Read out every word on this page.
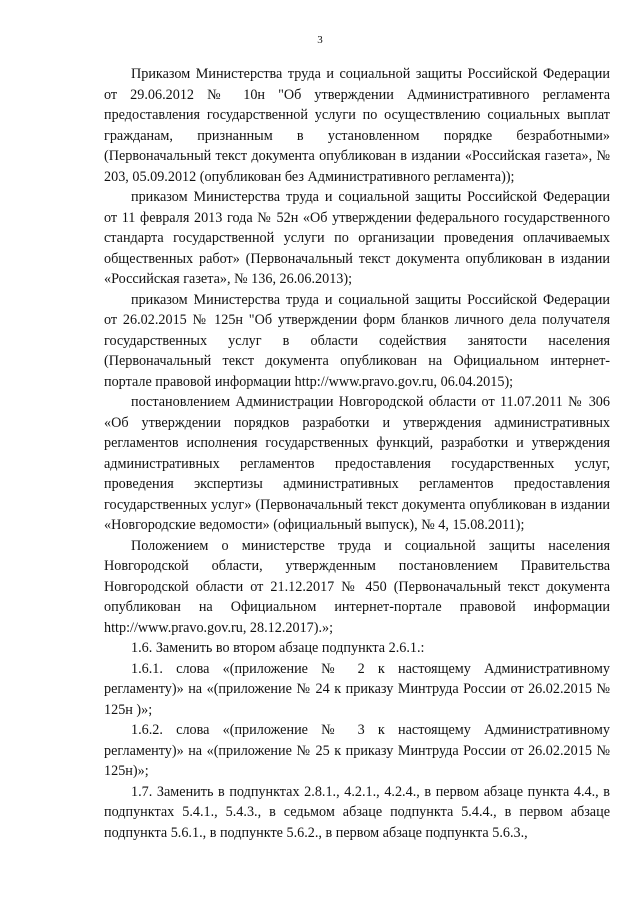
3

Приказом Министерства труда и социальной защиты Российской Федерации от 29.06.2012 № 10н "Об утверждении Административного регламента предоставления государственной услуги по осуществлению социальных выплат гражданам, признанным в установленном порядке безработными» (Первоначальный текст документа опубликован в издании «Российская газета», № 203, 05.09.2012 (опубликован без Административного регламента));

приказом Министерства труда и социальной защиты Российской Федерации от 11 февраля 2013 года № 52н «Об утверждении федерального государственного стандарта государственной услуги по организации проведения оплачиваемых общественных работ» (Первоначальный текст документа опубликован в издании «Российская газета», № 136, 26.06.2013);

приказом Министерства труда и социальной защиты Российской Федерации от 26.02.2015 № 125н "Об утверждении форм бланков личного дела получателя государственных услуг в области содействия занятости населения (Первоначальный текст документа опубликован на Официальном интернет-портале правовой информации http://www.pravo.gov.ru, 06.04.2015);

постановлением Администрации Новгородской области от 11.07.2011 № 306 «Об утверждении порядков разработки и утверждения административных регламентов исполнения государственных функций, разработки и утверждения административных регламентов предоставления государственных услуг, проведения экспертизы административных регламентов предоставления государственных услуг» (Первоначальный текст документа опубликован в издании «Новгородские ведомости» (официальный выпуск), № 4, 15.08.2011);

Положением о министерстве труда и социальной защиты населения Новгородской области, утвержденным постановлением Правительства Новгородской области от 21.12.2017 № 450 (Первоначальный текст документа опубликован на Официальном интернет-портале правовой информации http://www.pravo.gov.ru, 28.12.2017).»;

1.6. Заменить во втором абзаце подпункта 2.6.1.:

1.6.1. слова «(приложение № 2 к настоящему Административному регламенту)» на «(приложение № 24 к приказу Минтруда России от 26.02.2015 № 125н )»;

1.6.2. слова «(приложение № 3 к настоящему Административному регламенту)» на «(приложение № 25 к приказу Минтруда России от 26.02.2015 № 125н)»;

1.7. Заменить в подпунктах 2.8.1., 4.2.1., 4.2.4., в первом абзаце пункта 4.4., в подпунктах 5.4.1., 5.4.3., в седьмом абзаце подпункта 5.4.4., в первом абзаце подпункта 5.6.1., в подпункте 5.6.2., в первом абзаце подпункта 5.6.3.,
